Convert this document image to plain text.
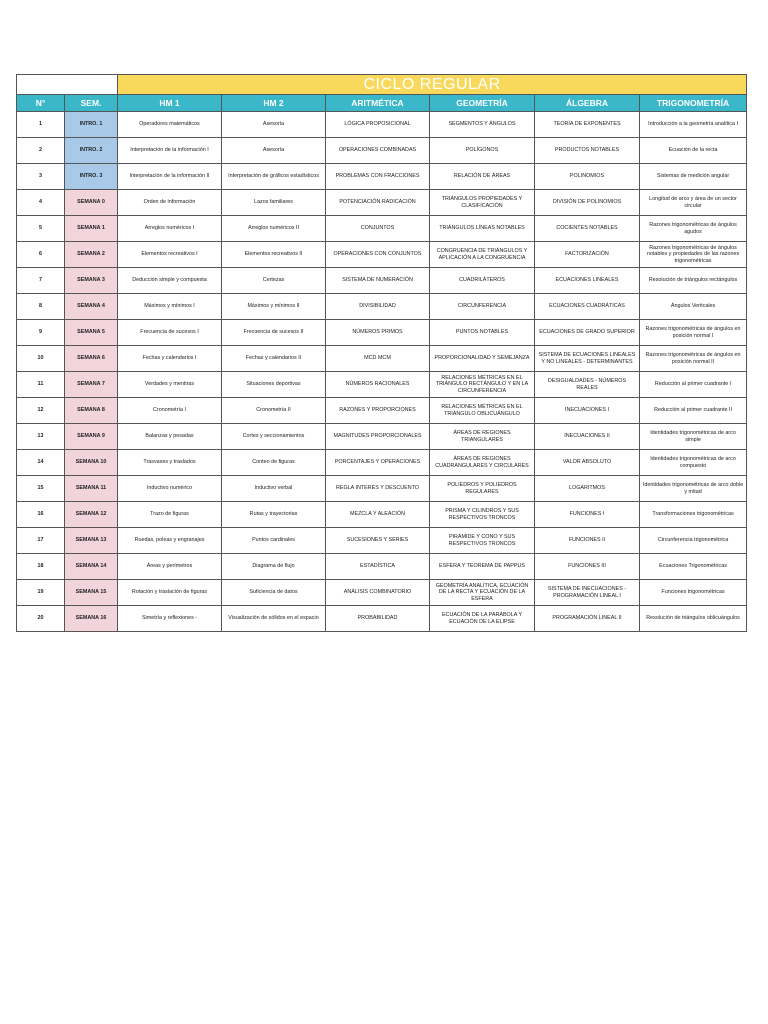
		CICLO REGULAR					
N°	SEM.	HM 1	HM 2	ARITMÉTICA	GEOMETRÍA	ÁLGEBRA	TRIGONOMETRÍA
1	INTRO. 1	Operadores matemáticos	Asesoría	LÓGICA PROPOSICIONAL	SEGMENTOS Y ÁNGULOS	TEORÍA DE EXPONENTES	Introducción a la geometría analítica I
2	INTRO. 2	Interpretación de la información I	Asesoría	OPERACIONES COMBINADAS	POLÍGONOS	PRODUCTOS NOTABLES	Ecuación de la recta
3	INTRO. 3	Interpretación de la información II	Interpretación de gráficos estadísticos	PROBLEMAS CON FRACCIONES	RELACIÓN DE ÁREAS	POLINOMIOS	Sistemas de medición angular
4	SEMANA 0	Orden de información	Lazos familiares	POTENCIACIÓN RADICACIÓN	TRIÁNGULOS PROPIEDADES Y CLASIFICACIÓN	DIVISIÓN DE POLINOMIOS	Longitud de arco y área de un sector circular
5	SEMANA 1	Arreglos numéricos I	Arreglos numéricos II	CONJUNTOS	TRIÁNGULOS LÍNEAS NOTABLES	COCIENTES NOTABLES	Razones trigonométricas de ángulos agudos
6	SEMANA 2	Elementos recreativos I	Elementos recreativos II	OPERACIONES CON CONJUNTOS	CONGRUENCIA DE TRIÁNGULOS Y APLICACIÓN A LA CONGRUENCIA	FACTORIZACIÓN	Razones trigonométricas de ángulos notables y propiedades de las razones trigonométricas
7	SEMANA 3	Deducción simple y compuesta	Certezas	SISTEMA DE NUMERACIÓN	CUADRILÁTEROS	ECUACIONES LINEALES	Resolución de triángulos rectángulos
8	SEMANA 4	Máximos y mínimos I	Máximos y mínimos II	DIVISIBILIDAD	CIRCUNFERENCIA	ECUACIONES CUADRÁTICAS	Ángulos Verticales
9	SEMANA 5	Frecuencia de sucesos I	Frecuencia de sucesos II	NÚMEROS PRIMOS	PUNTOS NOTABLES	ECUACIONES DE GRADO SUPERIOR	Razones trigonométricas de ángulos en posición normal I
10	SEMANA 6	Fechas y calendarios I	Fechas y calendarios II	MCD MCM	PROPORCIONALIDAD Y SEMEJANZA	SISTEMA DE ECUACIONES LINEALES Y NO LINEALES - DETERMINANTES	Razones trigonométricas de ángulos en posición normal II
11	SEMANA 7	Verdades y mentiras	Situaciones deportivas	NÚMEROS RACIONALES	RELACIONES MÉTRICAS EN EL TRIÁNGULO RECTÁNGULO Y EN LA CIRCUNFERENCIA	DESIGUALDADES - NÚMEROS REALES	Reducción al primer cuadrante I
12	SEMANA 8	Cronometría I	Cronometría II	RAZONES Y PROPORCIONES	RELACIONES MÉTRICAS EN EL TRIÁNGULO OBLICUÁNGULO	INECUACIONES I	Reducción al primer cuadrante II
13	SEMANA 9	Balanzas y pesadas	Cortes y seccionamientos	MAGNITUDES PROPORCIONALES	ÁREAS DE REGIONES TRIANGULARES	INECUACIONES II	Identidades trigonométricas de arco simple
14	SEMANA 10	Trasvases y traslados	Conteo de figuras	PORCENTAJES Y OPERACIONES	ÁREAS DE REGIONES CUADRANGULARES Y CIRCULARES	VALOR ABSOLUTO	Identidades trigonométricas de arco compuesto
15	SEMANA 11	Inductivo numérico	Inductivo verbal	REGLA INTERÉS Y DESCUENTO	POLIEDROS Y POLIEDROS REGULARES	LOGARITMOS	Identidades trigonométricas de arco doble y mitad
16	SEMANA 12	Trazo de figuras	Rutas y trayectorias	MEZCLA Y ALEACIÓN	PRISMA Y CILINDROS Y SUS RESPECTIVOS TRONCOS	FUNCIONES I	Transformaciones trigonométricas
17	SEMANA 13	Ruedas, poleas y engranajes	Puntos cardinales	SUCESIONES Y SERIES	PIRÁMIDE Y CONO Y SUS RESPECTIVOS TRONCOS	FUNCIONES II	Circunferencia trigonométrica
18	SEMANA 14	Áreas y perímetros	Diagrama de flujo	ESTADÍSTICA	ESFERA Y TEOREMA DE PAPPUS	FUNCIONES III	Ecuaciones Trigonométricas
19	SEMANA 15	Rotación y traslación de figuras	Suficiencia de datos	ANÁLISIS COMBINATORIO	GEOMETRÍA ANALÍTICA, ECUACIÓN DE LA RECTA Y ECUACIÓN DE LA ESFERA	SISTEMA DE INECUACIONES - PROGRAMACIÓN LINEAL I	Funciones trigonométricas
20	SEMANA 16	Simetría y reflexiones -	Visualización de sólidos en el espacio	PROBABILIDAD	ECUACIÓN DE LA PARÁBOLA Y ECUACIÓN DE LA ELIPSE	PROGRAMACIÓN LINEAL II	Resolución de triángulos oblicuángulos
